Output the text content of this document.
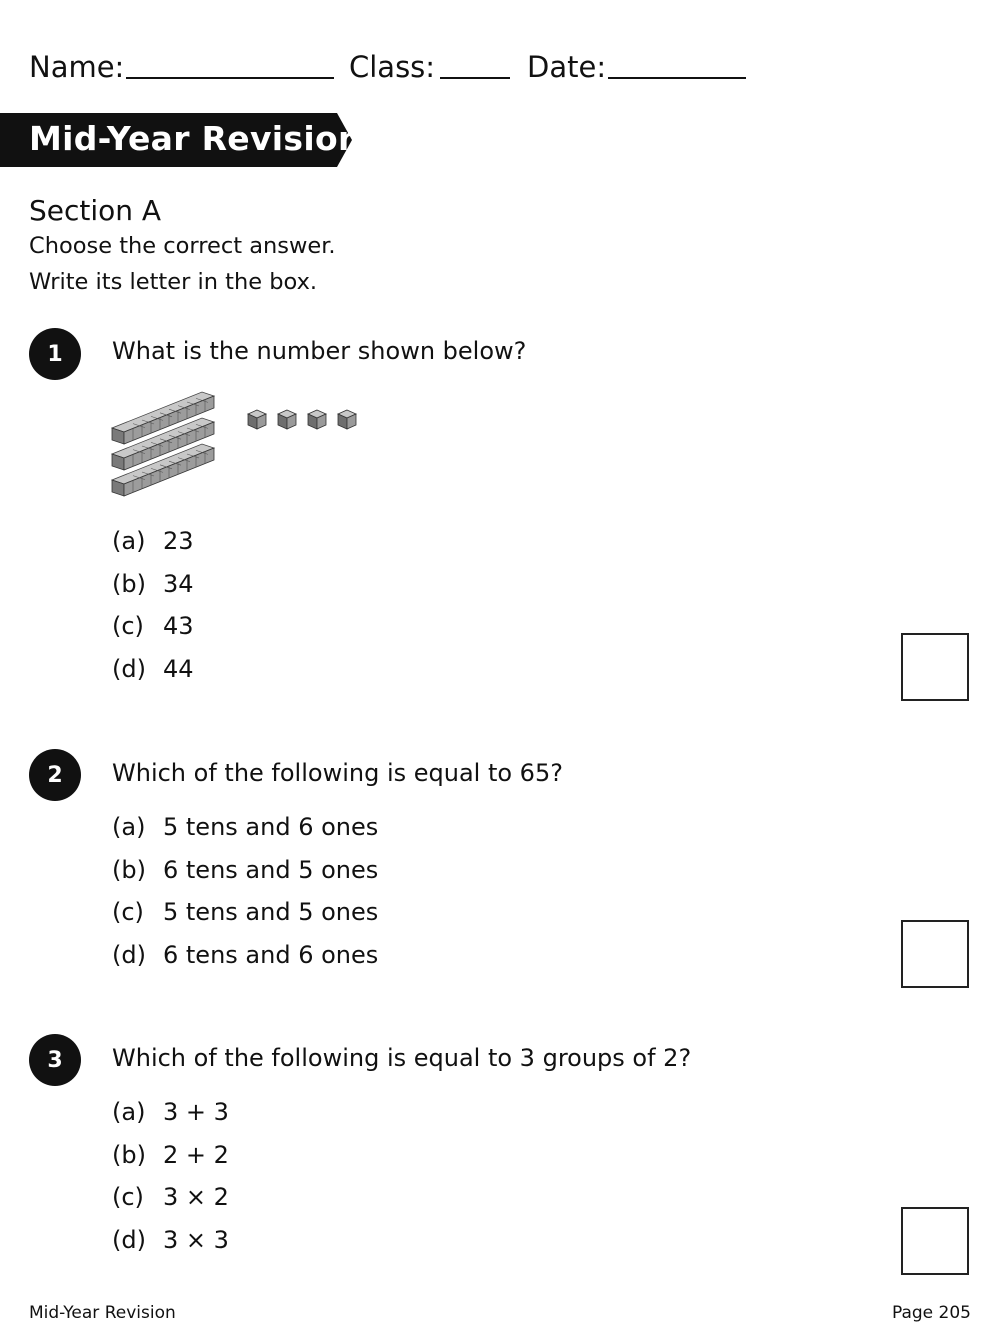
Name:	Class:	Date:
Mid-Year Revision
Section A
Choose the correct answer.
Write its letter in the box.
1	What is the number shown below?
(a) 23
(b) 34
(c) 43
(d) 44
2	Which of the following is equal to 65?
(a) 5 tens and 6 ones
(b) 6 tens and 5 ones
(c) 5 tens and 5 ones
(d) 6 tens and 6 ones
3	Which of the following is equal to 3 groups of 2?
(a) 3 + 3
(b) 2 + 2
(c) 3 × 2
(d) 3 × 3
Mid-Year Revision	Page 205
